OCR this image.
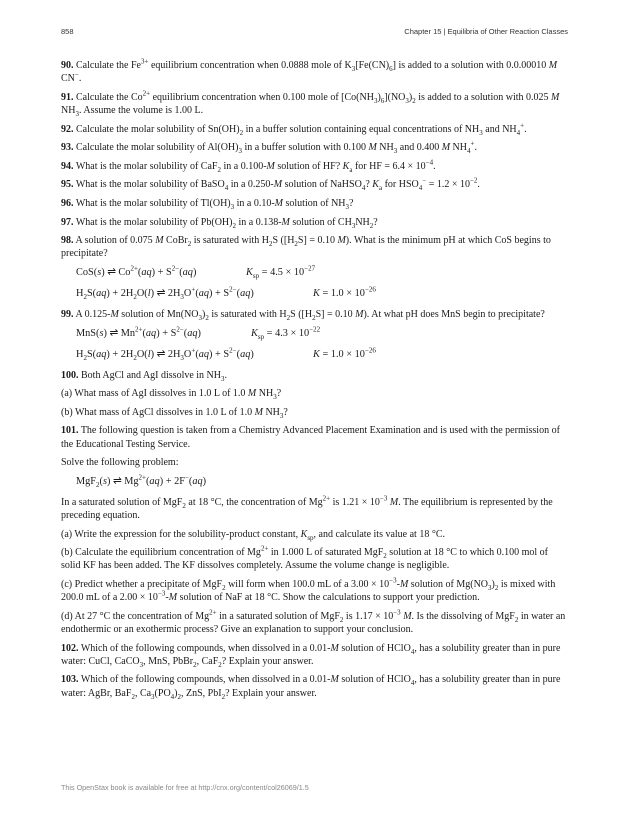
858	Chapter 15 | Equilibria of Other Reaction Classes

90. Calculate the $Fe^{3+}$ equilibrium concentration when 0.0888 mole of $K_3[Fe(CN)_6]$ is added to a solution with 0.0.00010 M CN−.

91. Calculate the $Co^{2+}$ equilibrium concentration when 0.100 mole of $[Co(NH_3)_6](NO_3)_2$ is added to a solution with 0.025 M $NH_3$. Assume the volume is 1.00 L.

92. Calculate the molar solubility of $Sn(OH)_2$ in a buffer solution containing equal concentrations of $NH_3$ and $NH_4^+$.

93. Calculate the molar solubility of $Al(OH)_3$ in a buffer solution with 0.100 M $NH_3$ and 0.400 M $NH_4^+$.

94. What is the molar solubility of CaF$_2$ in a 0.100-M solution of HF? $K_a$ for HF = $6.4 \times 10^{-4}$.

95. What is the molar solubility of BaSO$_4$ in a 0.250-M solution of NaHSO$_4$? $K_a$ for $HSO_4^- = 1.2 \times 10^{-2}$.

96. What is the molar solubility of $Tl(OH)_3$ in a 0.10-M solution of $NH_3$?

97. What is the molar solubility of $Pb(OH)_2$ in a 0.138-M solution of $CH_3NH_2$?

98. A solution of 0.075 M CoBr$_2$ is saturated with $H_2S$ ($[H_2S] = 0.10$ M). What is the minimum pH at which CoS begins to precipitate?

CoS(s) ⇌ $Co^{2+}(aq) + S^{2-}(aq)$	$K_{sp} = 4.5 \times 10^{-27}$
$H_2S(aq) + 2H_2O(l)$ ⇌ $2H_3O^+(aq) + S^{2-}(aq)$	$K = 1.0 \times 10^{-26}$

99. A 0.125-M solution of $Mn(NO_3)_2$ is saturated with $H_2S$ ($[H_2S] = 0.10$ M). At what pH does MnS begin to precipitate?

MnS(s) ⇌ $Mn^{2+}(aq) + S^{2-}(aq)$	$K_{sp} = 4.3 \times 10^{-22}$
$H_2S(aq) + 2H_2O(l)$ ⇌ $2H_3O^+(aq) + S^{2-}(aq)$	$K = 1.0 \times 10^{-26}$

100. Both AgCl and AgI dissolve in $NH_3$.

(a) What mass of AgI dissolves in 1.0 L of 1.0 M $NH_3$?

(b) What mass of AgCl dissolves in 1.0 L of 1.0 M $NH_3$?

101. The following question is taken from a Chemistry Advanced Placement Examination and is used with the permission of the Educational Testing Service.

Solve the following problem:

MgF$_2$(s) ⇌ $Mg^{2+}(aq) + 2F^-(aq)$

In a saturated solution of MgF$_2$ at 18 °C, the concentration of $Mg^{2+}$ is $1.21 \times 10^{-3}$ M. The equilibrium is represented by the preceding equation.

(a) Write the expression for the solubility-product constant, $K_{sp}$, and calculate its value at 18 °C.

(b) Calculate the equilibrium concentration of $Mg^{2+}$ in 1.000 L of saturated MgF$_2$ solution at 18 °C to which 0.100 mol of solid KF has been added. The KF dissolves completely. Assume the volume change is negligible.

(c) Predict whether a precipitate of MgF$_2$ will form when 100.0 mL of a $3.00 \times 10^{-3}-M$ solution of $Mg(NO_3)_2$ is mixed with 200.0 mL of a $2.00 \times 10^{-3}-M$ solution of NaF at 18 °C. Show the calculations to support your prediction.

(d) At 27 °C the concentration of $Mg^{2+}$ in a saturated solution of MgF$_2$ is $1.17 \times 10^{-3}$ M. Is the dissolving of MgF$_2$ in water an endothermic or an exothermic process? Give an explanation to support your conclusion.

102. Which of the following compounds, when dissolved in a 0.01-M solution of HClO$_4$, has a solubility greater than in pure water: CuCl, CaCO$_3$, MnS, PbBr$_2$, CaF$_2$? Explain your answer.

103. Which of the following compounds, when dissolved in a 0.01-M solution of HClO$_4$, has a solubility greater than in pure water: AgBr, BaF$_2$, $Ca_3(PO_4)_2$, ZnS, PbI$_2$? Explain your answer.

This OpenStax book is available for free at http://cnx.org/content/col26069/1.5
